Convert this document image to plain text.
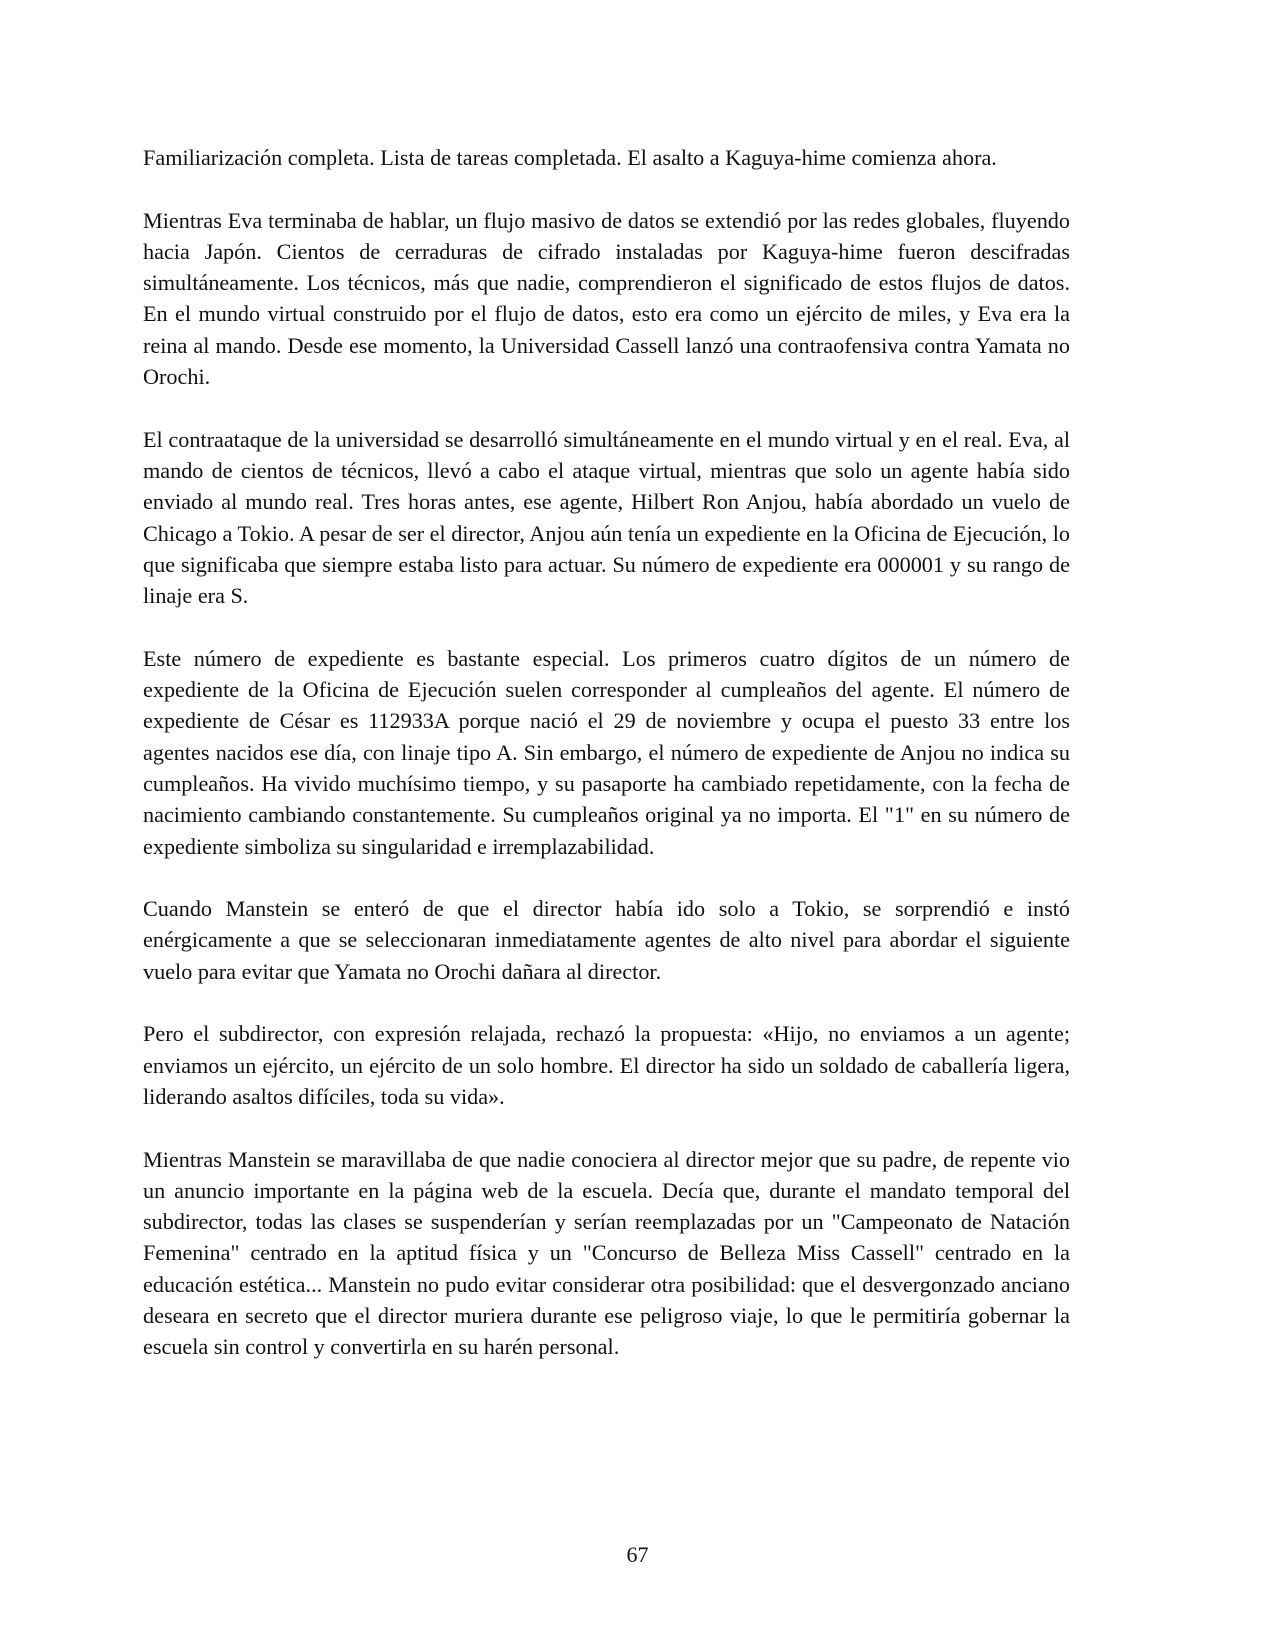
Familiarización completa. Lista de tareas completada. El asalto a Kaguya-hime comienza ahora.

Mientras Eva terminaba de hablar, un flujo masivo de datos se extendió por las redes globales, fluyendo hacia Japón. Cientos de cerraduras de cifrado instaladas por Kaguya-hime fueron descifradas simultáneamente. Los técnicos, más que nadie, comprendieron el significado de estos flujos de datos. En el mundo virtual construido por el flujo de datos, esto era como un ejército de miles, y Eva era la reina al mando. Desde ese momento, la Universidad Cassell lanzó una contraofensiva contra Yamata no Orochi.

El contraataque de la universidad se desarrolló simultáneamente en el mundo virtual y en el real. Eva, al mando de cientos de técnicos, llevó a cabo el ataque virtual, mientras que solo un agente había sido enviado al mundo real. Tres horas antes, ese agente, Hilbert Ron Anjou, había abordado un vuelo de Chicago a Tokio. A pesar de ser el director, Anjou aún tenía un expediente en la Oficina de Ejecución, lo que significaba que siempre estaba listo para actuar. Su número de expediente era 000001 y su rango de linaje era S.

Este número de expediente es bastante especial. Los primeros cuatro dígitos de un número de expediente de la Oficina de Ejecución suelen corresponder al cumpleaños del agente. El número de expediente de César es 112933A porque nació el 29 de noviembre y ocupa el puesto 33 entre los agentes nacidos ese día, con linaje tipo A. Sin embargo, el número de expediente de Anjou no indica su cumpleaños. Ha vivido muchísimo tiempo, y su pasaporte ha cambiado repetidamente, con la fecha de nacimiento cambiando constantemente. Su cumpleaños original ya no importa. El "1" en su número de expediente simboliza su singularidad e irremplazabilidad.

Cuando Manstein se enteró de que el director había ido solo a Tokio, se sorprendió e instó enérgicamente a que se seleccionaran inmediatamente agentes de alto nivel para abordar el siguiente vuelo para evitar que Yamata no Orochi dañara al director.

Pero el subdirector, con expresión relajada, rechazó la propuesta: «Hijo, no enviamos a un agente; enviamos un ejército, un ejército de un solo hombre. El director ha sido un soldado de caballería ligera, liderando asaltos difíciles, toda su vida».

Mientras Manstein se maravillaba de que nadie conociera al director mejor que su padre, de repente vio un anuncio importante en la página web de la escuela. Decía que, durante el mandato temporal del subdirector, todas las clases se suspenderían y serían reemplazadas por un "Campeonato de Natación Femenina" centrado en la aptitud física y un "Concurso de Belleza Miss Cassell" centrado en la educación estética... Manstein no pudo evitar considerar otra posibilidad: que el desvergonzado anciano deseara en secreto que el director muriera durante ese peligroso viaje, lo que le permitiría gobernar la escuela sin control y convertirla en su harén personal.

67
